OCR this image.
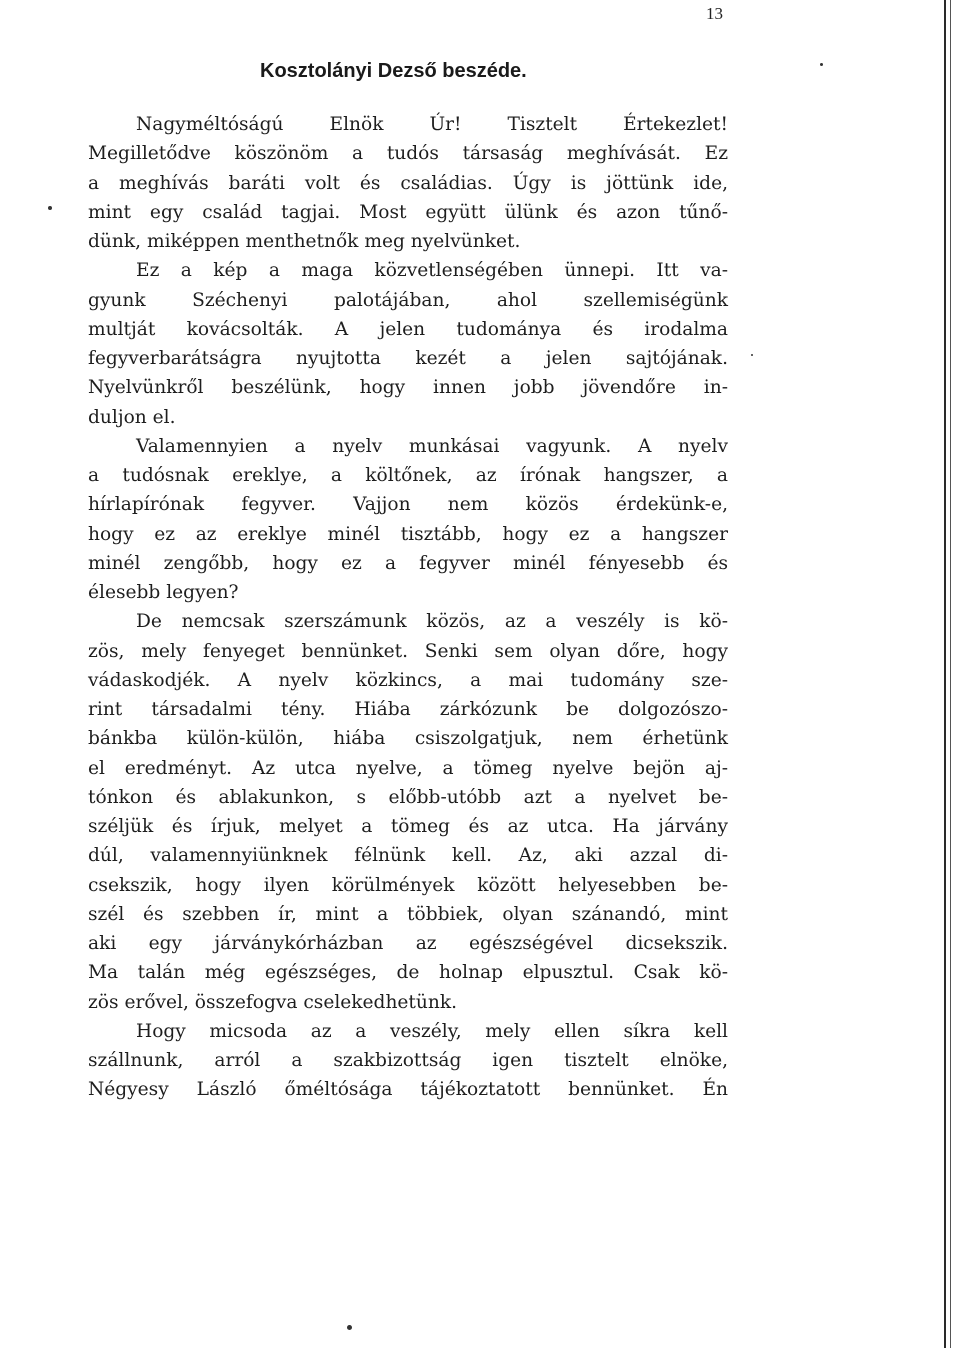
13
Kosztolányi Dezső beszéde.
Nagyméltóságú Elnök Úr! Tisztelt Értekezlet!
Megilletődve köszönöm a tudós társaság meghívását. Ez
a meghívás baráti volt és családias. Úgy is jöttünk ide,
mint egy család tagjai. Most együtt ülünk és azon tűnő-
dünk, miképpen menthetnők meg nyelvünket.
Ez a kép a maga közvetlenségében ünnepi. Itt va-
gyunk Széchenyi palotájában, ahol szellemiségünk
multját kovácsolták. A jelen tudománya és irodalma
fegyverbarátságra nyujtotta kezét a jelen sajtójának.
Nyelvünkről beszélünk, hogy innen jobb jövendőre in-
duljon el.
Valamennyien a nyelv munkásai vagyunk. A nyelv
a tudósnak ereklye, a költőnek, az írónak hangszer, a
hírlapírónak fegyver. Vajjon nem közös érdekünk-e,
hogy ez az ereklye minél tisztább, hogy ez a hangszer
minél zengőbb, hogy ez a fegyver minél fényesebb és
élesebb legyen?
De nemcsak szerszámunk közös, az a veszély is kö-
zös, mely fenyeget bennünket. Senki sem olyan dőre, hogy
vádaskodjék. A nyelv közkincs, a mai tudomány sze-
rint társadalmi tény. Hiába zárkózunk be dolgozószo-
bánkba külön-külön, hiába csiszolgatjuk, nem érhetünk
el eredményt. Az utca nyelve, a tömeg nyelve bejön aj-
tónkon és ablakunkon, s előbb-utóbb azt a nyelvet be-
széljük és írjuk, melyet a tömeg és az utca. Ha járvány
dúl, valamennyiünknek félnünk kell. Az, aki azzal di-
csekszik, hogy ilyen körülmények között helyesebben be-
szél és szebben ír, mint a többiek, olyan szánandó, mint
aki egy járványkórházban az egészségével dicsekszik.
Ma talán még egészséges, de holnap elpusztul. Csak kö-
zös erővel, összefogva cselekedhetünk.
Hogy micsoda az a veszély, mely ellen síkra kell
szállnunk, arról a szakbizottság igen tisztelt elnöke,
Négyesy László őméltósága tájékoztatott bennünket. Én
